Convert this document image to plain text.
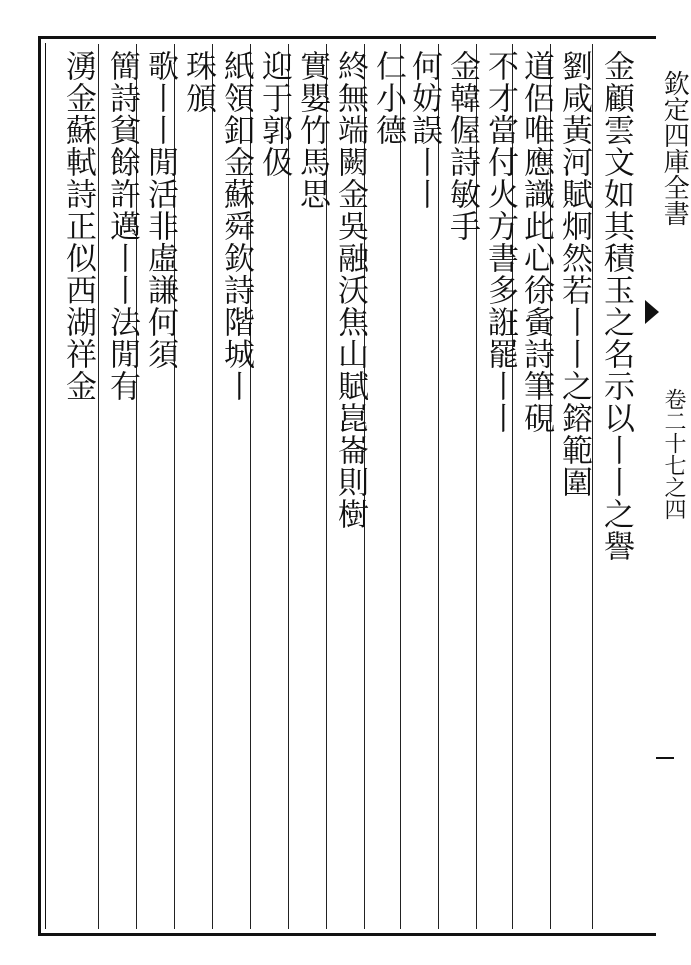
欽定四庫全書
卷二十七之四
金顧雲文如其積玉之名示以丨丨之譽
劉咸黃河賦炯然若丨丨之鎔範圍
道侶唯應識此心徐夤詩筆硯
不才當付火方書多誑罷丨丨
金韓偓詩敏手
何妨誤丨丨
仁小德
終無端闕金吳融沃焦山賦崑崙則樹
實嬰竹馬思
迎于郭伋
紙領釦金蘇舜欽詩階城丨
珠頒
歌丨丨閒活非虛謙何須
簡詩貧餘許邁丨丨法閒有
湧金蘇軾詩正似西湖祥金
